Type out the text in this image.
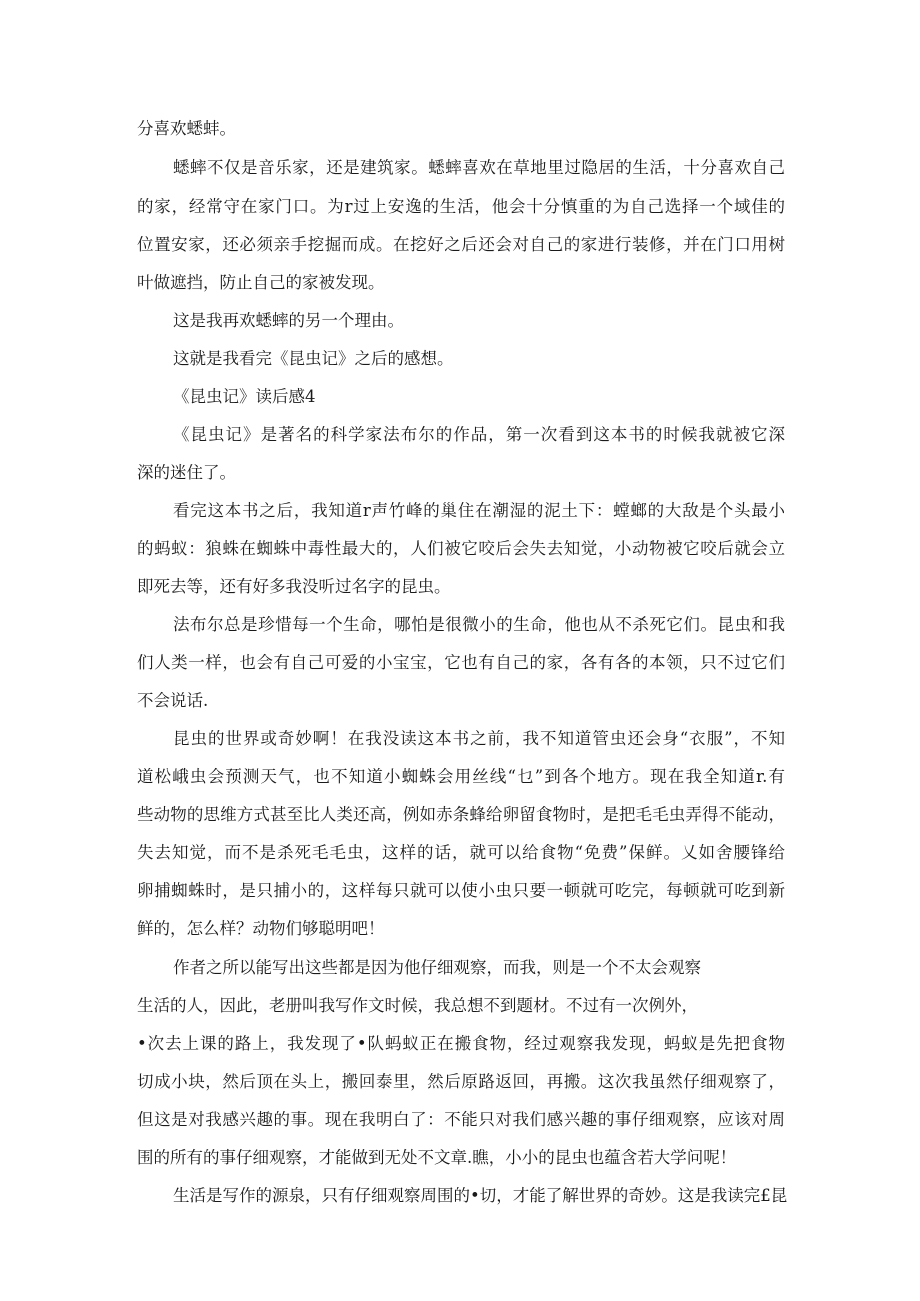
分喜欢蟋蚌。
蟋蟀不仅是音乐家，还是建筑家。蟋蟀喜欢在草地里过隐居的生活，十分喜欢自己
的家，经常守在家门口。为r过上安逸的生活，他会十分慎重的为自己选择一个域佳的
位置安家，还必须亲手挖掘而成。在挖好之后还会对自己的家进行装修，并在门口用树
叶做遮挡，防止自己的家被发现。
这是我再欢蟋蟀的另一个理由。
这就是我看完《昆虫记》之后的感想。
《昆虫记》读后感4
《昆虫记》是著名的科学家法布尔的作品，第一次看到这本书的时候我就被它深
深的迷住了。
看完这本书之后，我知道r声竹峰的巢住在潮湿的泥土下：螳螂的大敌是个头最小
的蚂蚁：狼蛛在蜘蛛中毒性最大的，人们被它咬后会失去知觉，小动物被它咬后就会立
即死去等，还有好多我没听过名字的昆虫。
法布尔总是珍惜每一个生命，哪怕是很微小的生命，他也从不杀死它们。昆虫和我
们人类一样，也会有自己可爱的小宝宝，它也有自己的家，各有各的本领，只不过它们
不会说话.
昆虫的世界或奇妙啊！在我没读这本书之前，我不知道管虫还会身“衣服”，不知
道松峨虫会预测天气，也不知道小蜘蛛会用丝线“乜”到各个地方。现在我全知道r.有
些动物的思维方式甚至比人类还高，例如赤条蜂给卵留食物时，是把毛毛虫弄得不能动，
失去知觉，而不是杀死毛毛虫，这样的话，就可以给食物“免费”保鲜。乂如舍腰锋给
卵捕蜘蛛时，是只捕小的，这样每只就可以使小虫只要一顿就可吃完，每顿就可吃到新
鲜的，怎么样？动物们够聪明吧！
作者之所以能写出这些都是因为他仔细观察，而我，则是一个不太会观察
生活的人，因此，老册叫我写作文时候，我总想不到题材。不过有一次例外，
•次去上课的路上，我发现了•队蚂蚁正在搬食物，经过观察我发现，蚂蚁是先把食物
切成小块，然后顶在头上，搬回泰里，然后原路返回，再搬。这次我虽然仔细观察了，
但这是对我感兴趣的事。现在我明白了：不能只对我们感兴趣的事仔细观察，应该对周
围的所有的事仔细观察，才能做到无处不文章.瞧，小小的昆虫也蕴含若大学问呢！
生活是写作的源泉，只有仔细观察周围的•切，才能了解世界的奇妙。这是我读完£昆
